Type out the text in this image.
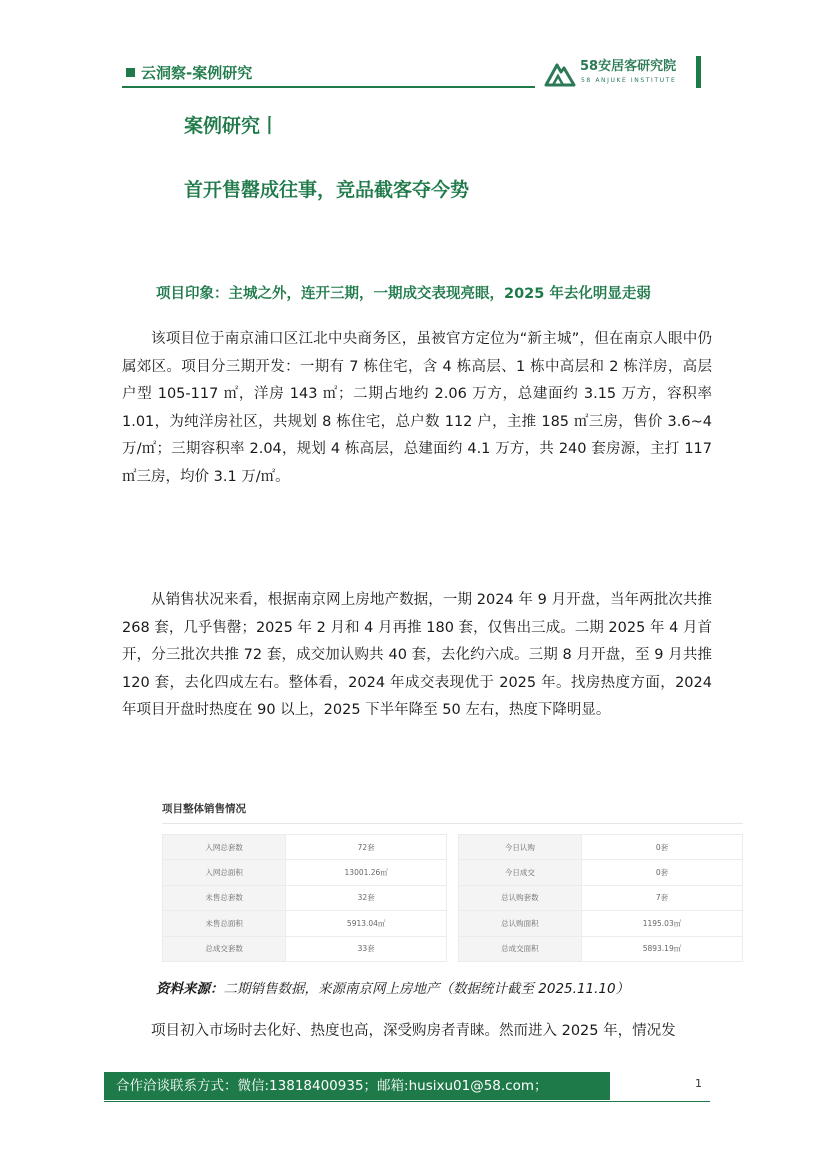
云洞察-案例研究	58安居客研究院
58 ANJUKE INSTITUTE
案例研究丨
首开售罄成往事，竞品截客夺今势
项目印象：主城之外，连开三期，一期成交表现亮眼，2025 年去化明显走弱

该项目位于南京浦口区江北中央商务区，虽被官方定位为“新主城”，但在南京人眼中仍属郊区。项目分三期开发：一期有 7 栋住宅，含 4 栋高层、1 栋中高层和 2 栋洋房，高层户型 105-117 ㎡，洋房 143 ㎡；二期占地约 2.06 万方，总建面约 3.15 万方，容积率 1.01，为纯洋房社区，共规划 8 栋住宅，总户数 112 户，主推 185 ㎡三房，售价 3.6~4 万/㎡；三期容积率 2.04，规划 4 栋高层，总建面约 4.1 万方，共 240 套房源，主打 117 ㎡三房，均价 3.1 万/㎡。

从销售状况来看，根据南京网上房地产数据，一期 2024 年 9 月开盘，当年两批次共推 268 套，几乎售罄；2025 年 2 月和 4 月再推 180 套，仅售出三成。二期 2025 年 4 月首开，分三批次共推 72 套，成交加认购共 40 套，去化约六成。三期 8 月开盘，至 9 月共推 120 套，去化四成左右。整体看，2024 年成交表现优于 2025 年。找房热度方面，2024 年项目开盘时热度在 90 以上，2025 下半年降至 50 左右，热度下降明显。

项目整体销售情况
入网总套数	72套		今日认购	0套
入网总面积	13001.26㎡		今日成交	0套
未售总套数	32套		总认购套数	7套
未售总面积	5913.04㎡		总认购面积	1195.03㎡
总成交套数	33套		总成交面积	5893.19㎡
资料来源：二期销售数据，来源南京网上房地产（数据统计截至 2025.11.10）

项目初入市场时去化好、热度也高，深受购房者青睐。然而进入 2025 年，情况发

合作洽谈联系方式：微信:13818400935；邮箱:husixu01@58.com；	1
